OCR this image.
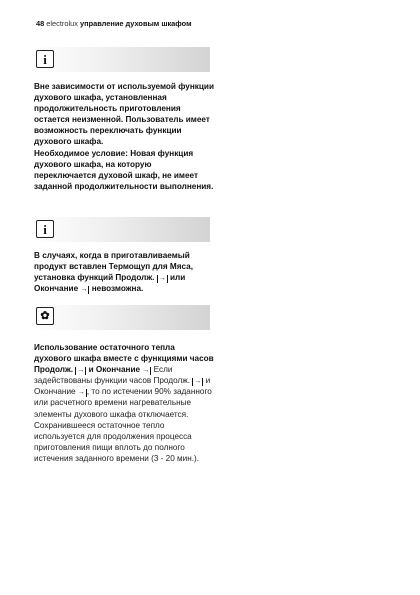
48 electrolux управление духовым шкафом
i

Вне зависимости от используемой функции духового шкафа, установленная продолжительность приготовления остается неизменной. Пользователь имеет возможность переключать функции духового шкафа.

Необходимое условие: Новая функция духового шкафа, на которую переключается духовой шкаф, не имеет заданной продолжительности выполнения.

i
В случаях, когда в приготавливаемый продукт вставлен Термощуп для Мяса, установка функций Продолж. → или Окончание → невозможна.
✿
Использование остаточного тепла духового шкафа вместе с функциями часов Продолж. → и Окончание → Если задействованы функции часов Продолж. → и Окончание → , то по истечении 90% заданного или расчетного времени нагревательные элементы духового шкафа отключается. Сохранившееся остаточное тепло используется для продолжения процесса приготовления пищи вплоть до полного истечения заданного времени (3 - 20 мин.).
